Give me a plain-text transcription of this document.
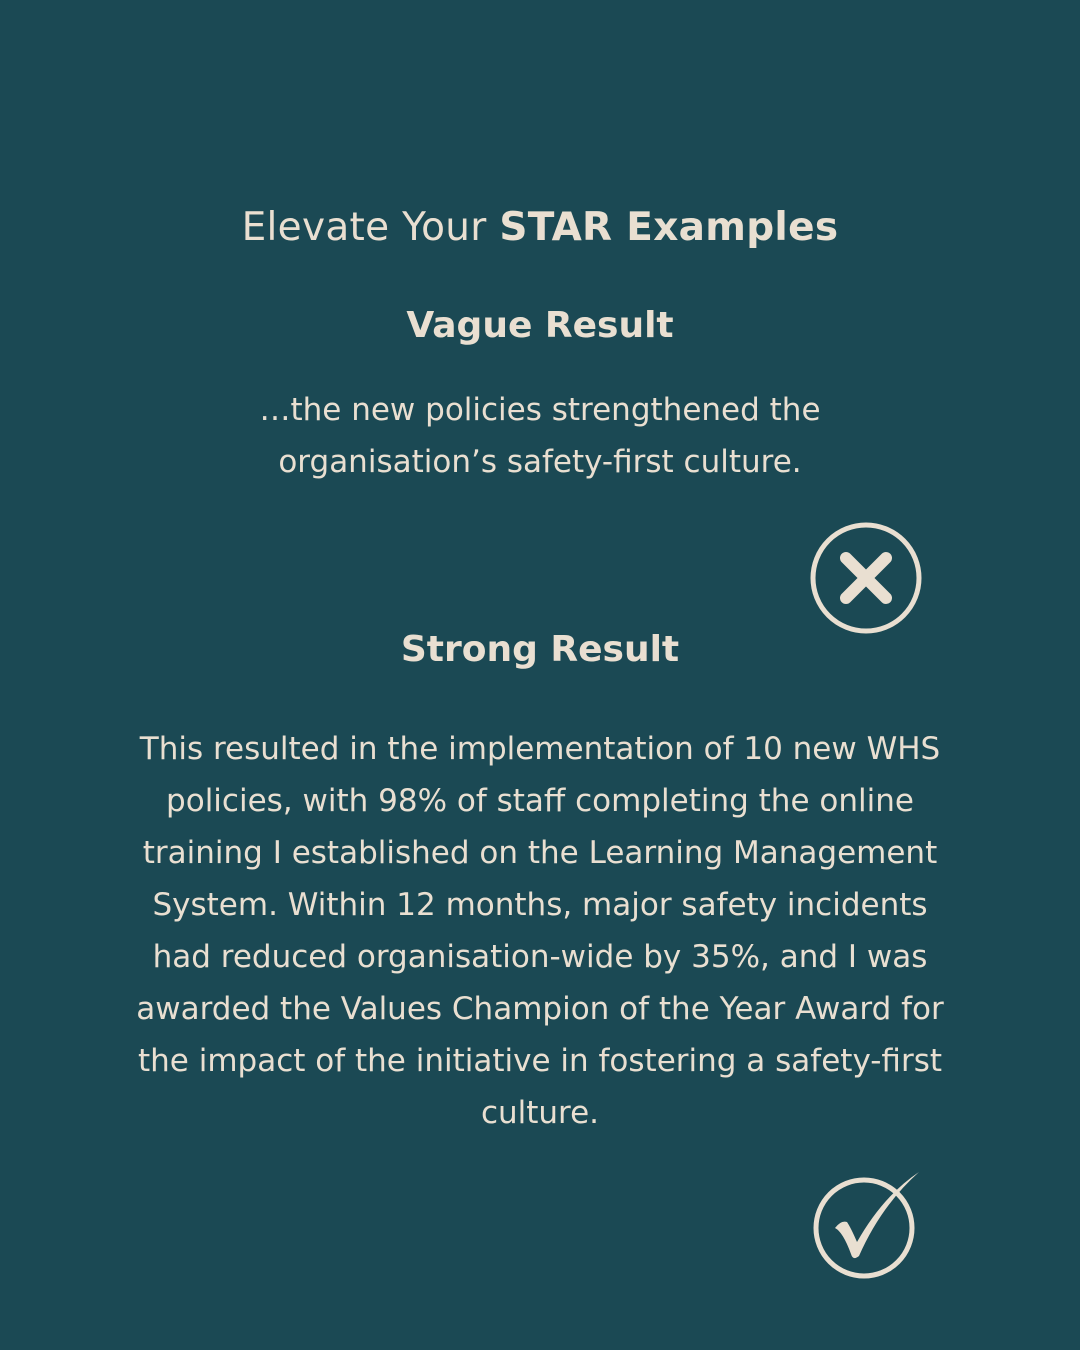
Elevate Your STAR Examples
Vague Result

…the new policies strengthened the organisation’s safety-first culture.

Strong Result

This resulted in the implementation of 10 new WHS policies, with 98% of staff completing the online training I established on the Learning Management System. Within 12 months, major safety incidents had reduced organisation-wide by 35%, and I was awarded the Values Champion of the Year Award for the impact of the initiative in fostering a safety-first culture.
